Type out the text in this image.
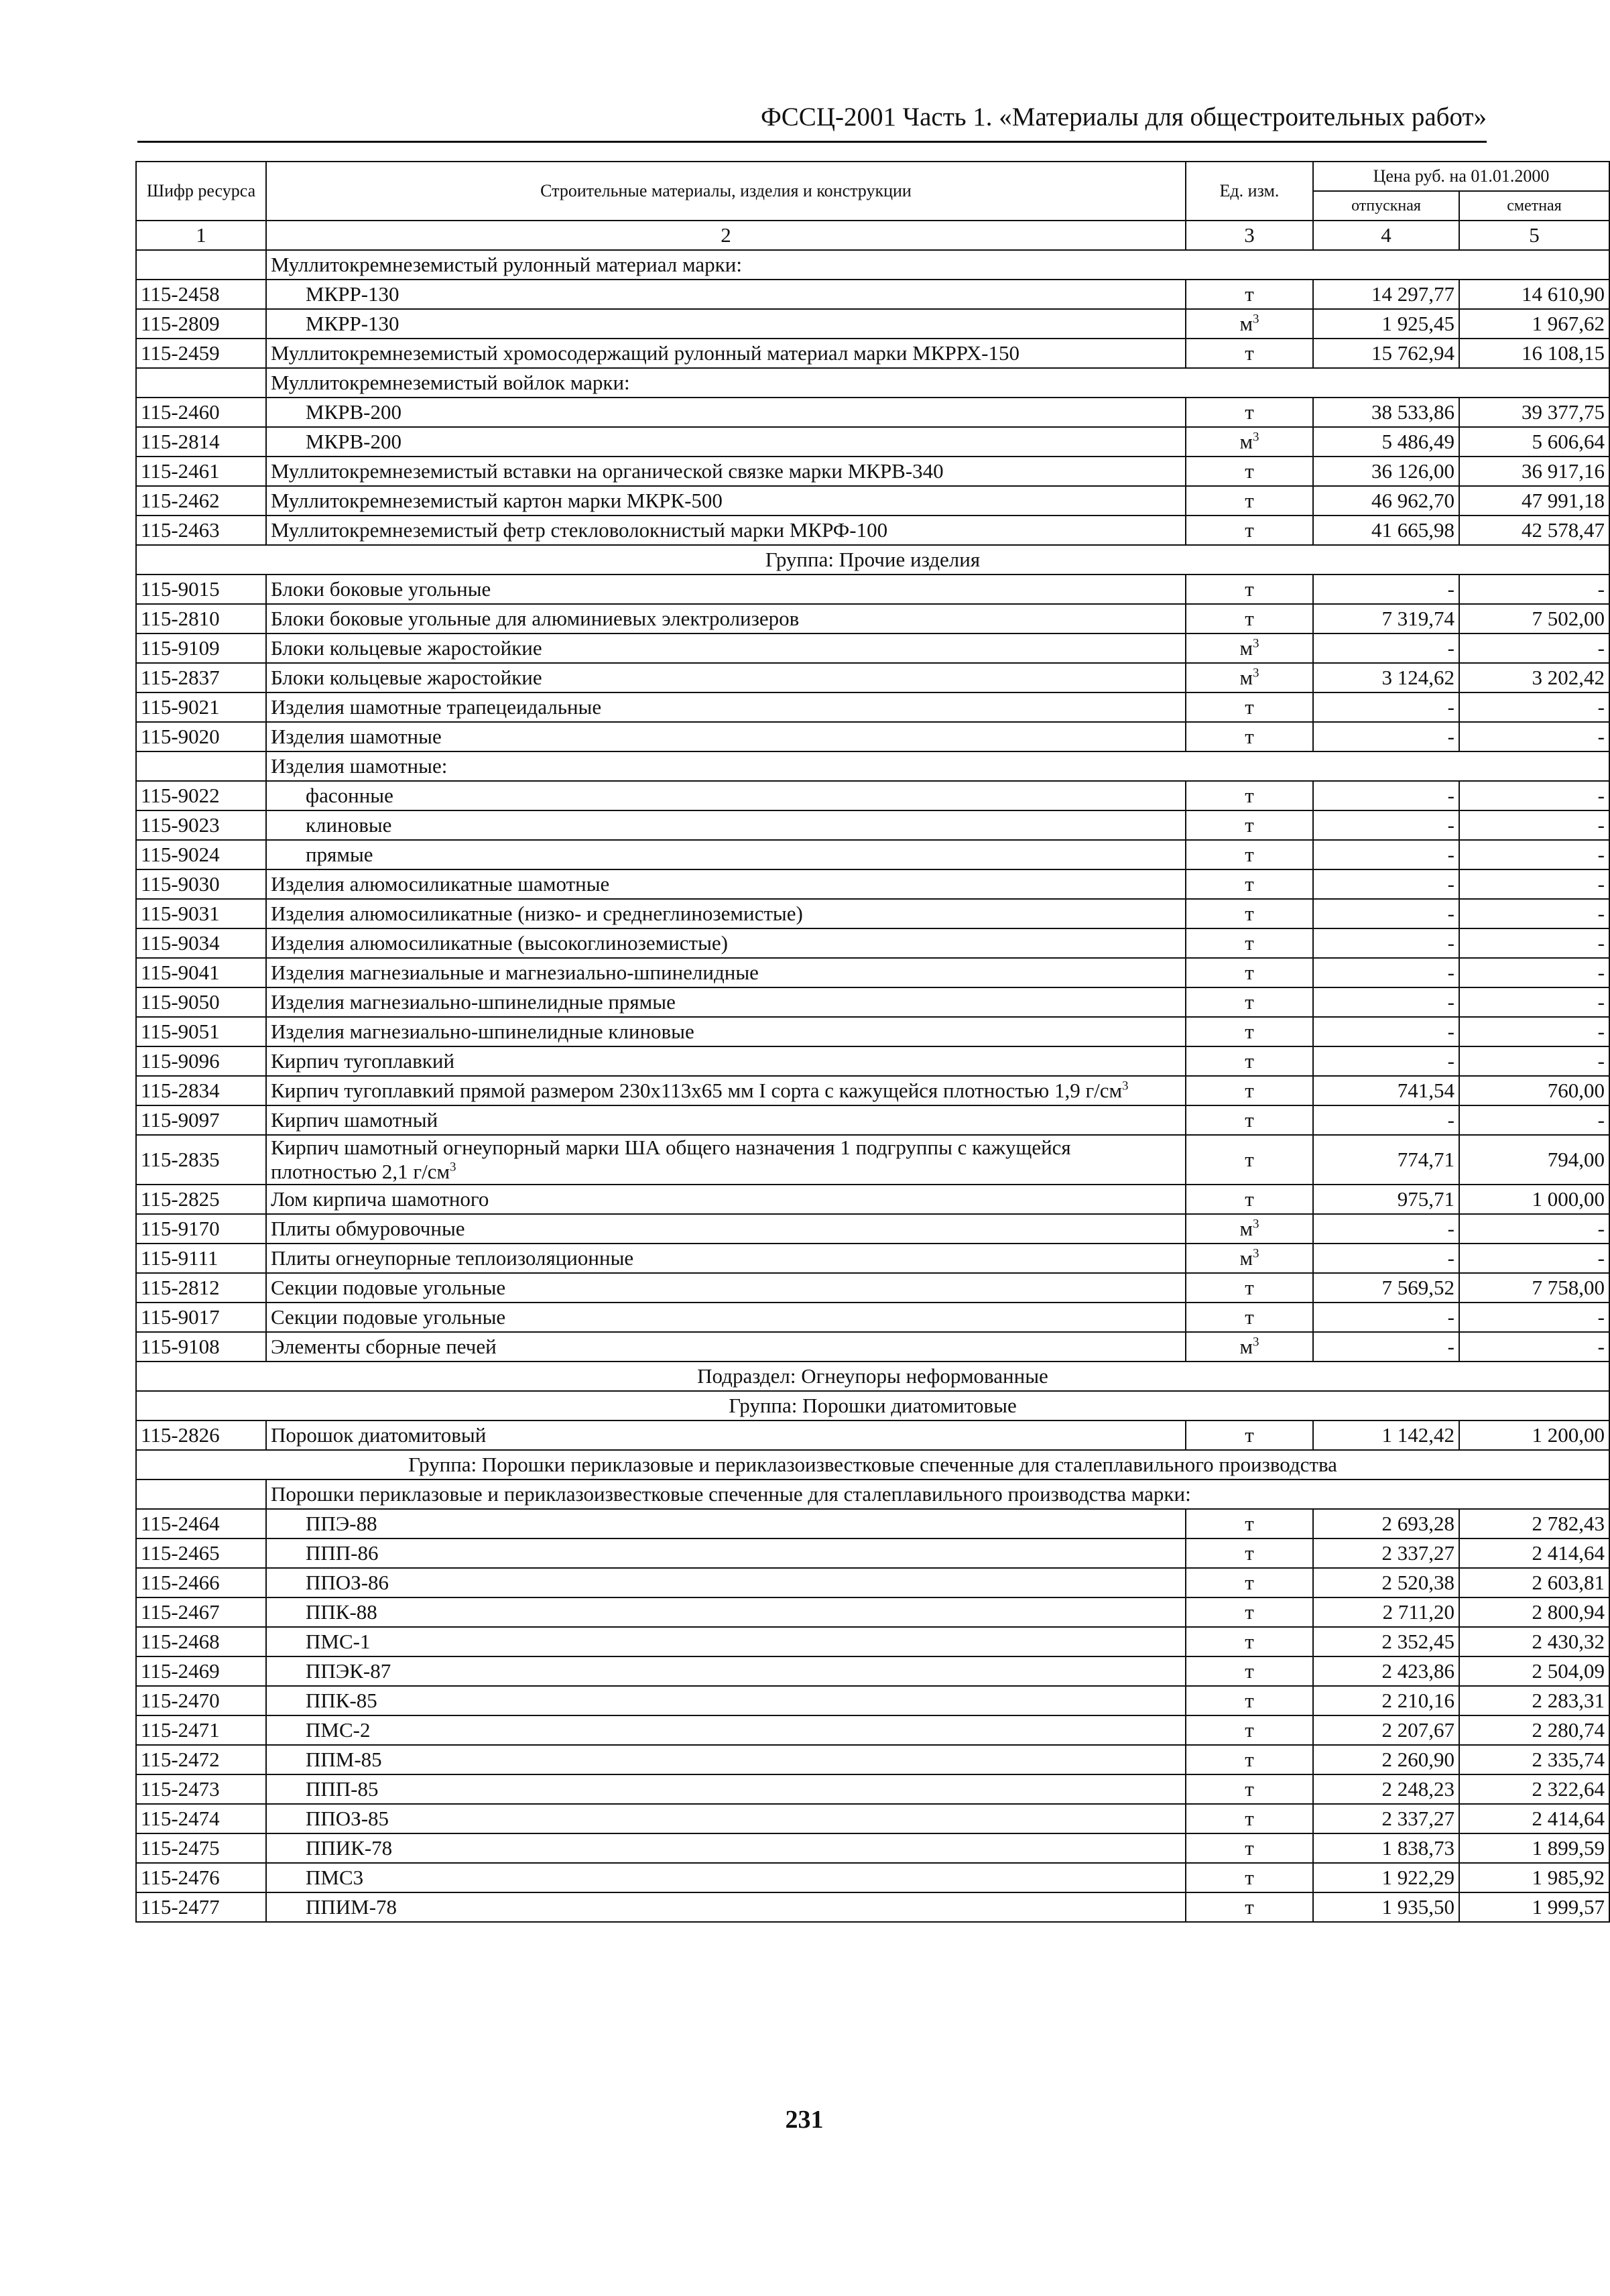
ФССЦ-2001 Часть 1. «Материалы для общестроительных работ»
Шифр ресурса	Строительные материалы, изделия и конструкции	Ед. изм.	Цена руб. на 01.01.2000	
			отпускная	сметная
1	2	3	4	5
	Муллитокремнеземистый рулонный материал марки:			
115-2458	МКРР-130	т	14 297,77	14 610,90
115-2809	МКРР-130	$м^3$	1 925,45	1 967,62
115-2459	Муллитокремнеземистый хромосодержащий рулонный материал марки МКРРХ-150	т	15 762,94	16 108,15
	Муллитокремнеземистый войлок марки:			
115-2460	МКРВ-200	т	38 533,86	39 377,75
115-2814	МКРВ-200	$м^3$	5 486,49	5 606,64
115-2461	Муллитокремнеземистый вставки на органической связке марки МКРВ-340	т	36 126,00	36 917,16
115-2462	Муллитокремнеземистый картон марки МКРК-500	т	46 962,70	47 991,18
115-2463	Муллитокремнеземистый фетр стекловолокнистый марки МКРФ-100	т	41 665,98	42 578,47
Группа: Прочие изделия				
115-9015	Блоки боковые угольные	т	-	-
115-2810	Блоки боковые угольные для алюминиевых электролизеров	т	7 319,74	7 502,00
115-9109	Блоки кольцевые жаростойкие	$м^3$	-	-
115-2837	Блоки кольцевые жаростойкие	$м^3$	3 124,62	3 202,42
115-9021	Изделия шамотные трапецеидальные	т	-	-
115-9020	Изделия шамотные	т	-	-
	Изделия шамотные:			
115-9022	фасонные	т	-	-
115-9023	клиновые	т	-	-
115-9024	прямые	т	-	-
115-9030	Изделия алюмосиликатные шамотные	т	-	-
115-9031	Изделия алюмосиликатные (низко- и среднеглиноземистые)	т	-	-
115-9034	Изделия алюмосиликатные (высокоглиноземистые)	т	-	-
115-9041	Изделия магнезиальные и магнезиально-шпинелидные	т	-	-
115-9050	Изделия магнезиально-шпинелидные прямые	т	-	-
115-9051	Изделия магнезиально-шпинелидные клиновые	т	-	-
115-9096	Кирпич тугоплавкий	т	-	-
115-2834	Кирпич тугоплавкий прямой размером 230x113x65 мм I сорта с кажущейся плотностью 1,9 $г/см^3$	т	741,54	760,00
115-9097	Кирпич шамотный	т	-	-
115-2835	Кирпич шамотный огнеупорный марки ША общего назначения 1 подгруппы с кажущейся плотностью 2,1 $г/см^3$	т	774,71	794,00
115-2825	Лом кирпича шамотного	т	975,71	1 000,00
115-9170	Плиты обмуровочные	$м^3$	-	-
115-9111	Плиты огнеупорные теплоизоляционные	$м^3$	-	-
115-2812	Секции подовые угольные	т	7 569,52	7 758,00
115-9017	Секции подовые угольные	т	-	-
115-9108	Элементы сборные печей	$м^3$	-	-
Подраздел: Огнеупоры неформованные				
Группа: Порошки диатомитовые				
115-2826	Порошок диатомитовый	т	1 142,42	1 200,00
Группа: Порошки периклазовые и периклазоизвестковые спеченные для сталеплавильного производства				
	Порошки периклазовые и периклазоизвестковые спеченные для сталеплавильного производства марки:			
115-2464	ППЭ-88	т	2 693,28	2 782,43
115-2465	ППП-86	т	2 337,27	2 414,64
115-2466	ППОЗ-86	т	2 520,38	2 603,81
115-2467	ППК-88	т	2 711,20	2 800,94
115-2468	ПМС-1	т	2 352,45	2 430,32
115-2469	ППЭК-87	т	2 423,86	2 504,09
115-2470	ППК-85	т	2 210,16	2 283,31
115-2471	ПМС-2	т	2 207,67	2 280,74
115-2472	ППМ-85	т	2 260,90	2 335,74
115-2473	ППП-85	т	2 248,23	2 322,64
115-2474	ППОЗ-85	т	2 337,27	2 414,64
115-2475	ППИК-78	т	1 838,73	1 899,59
115-2476	ПМС3	т	1 922,29	1 985,92
115-2477	ППИМ-78	т	1 935,50	1 999,57
231
